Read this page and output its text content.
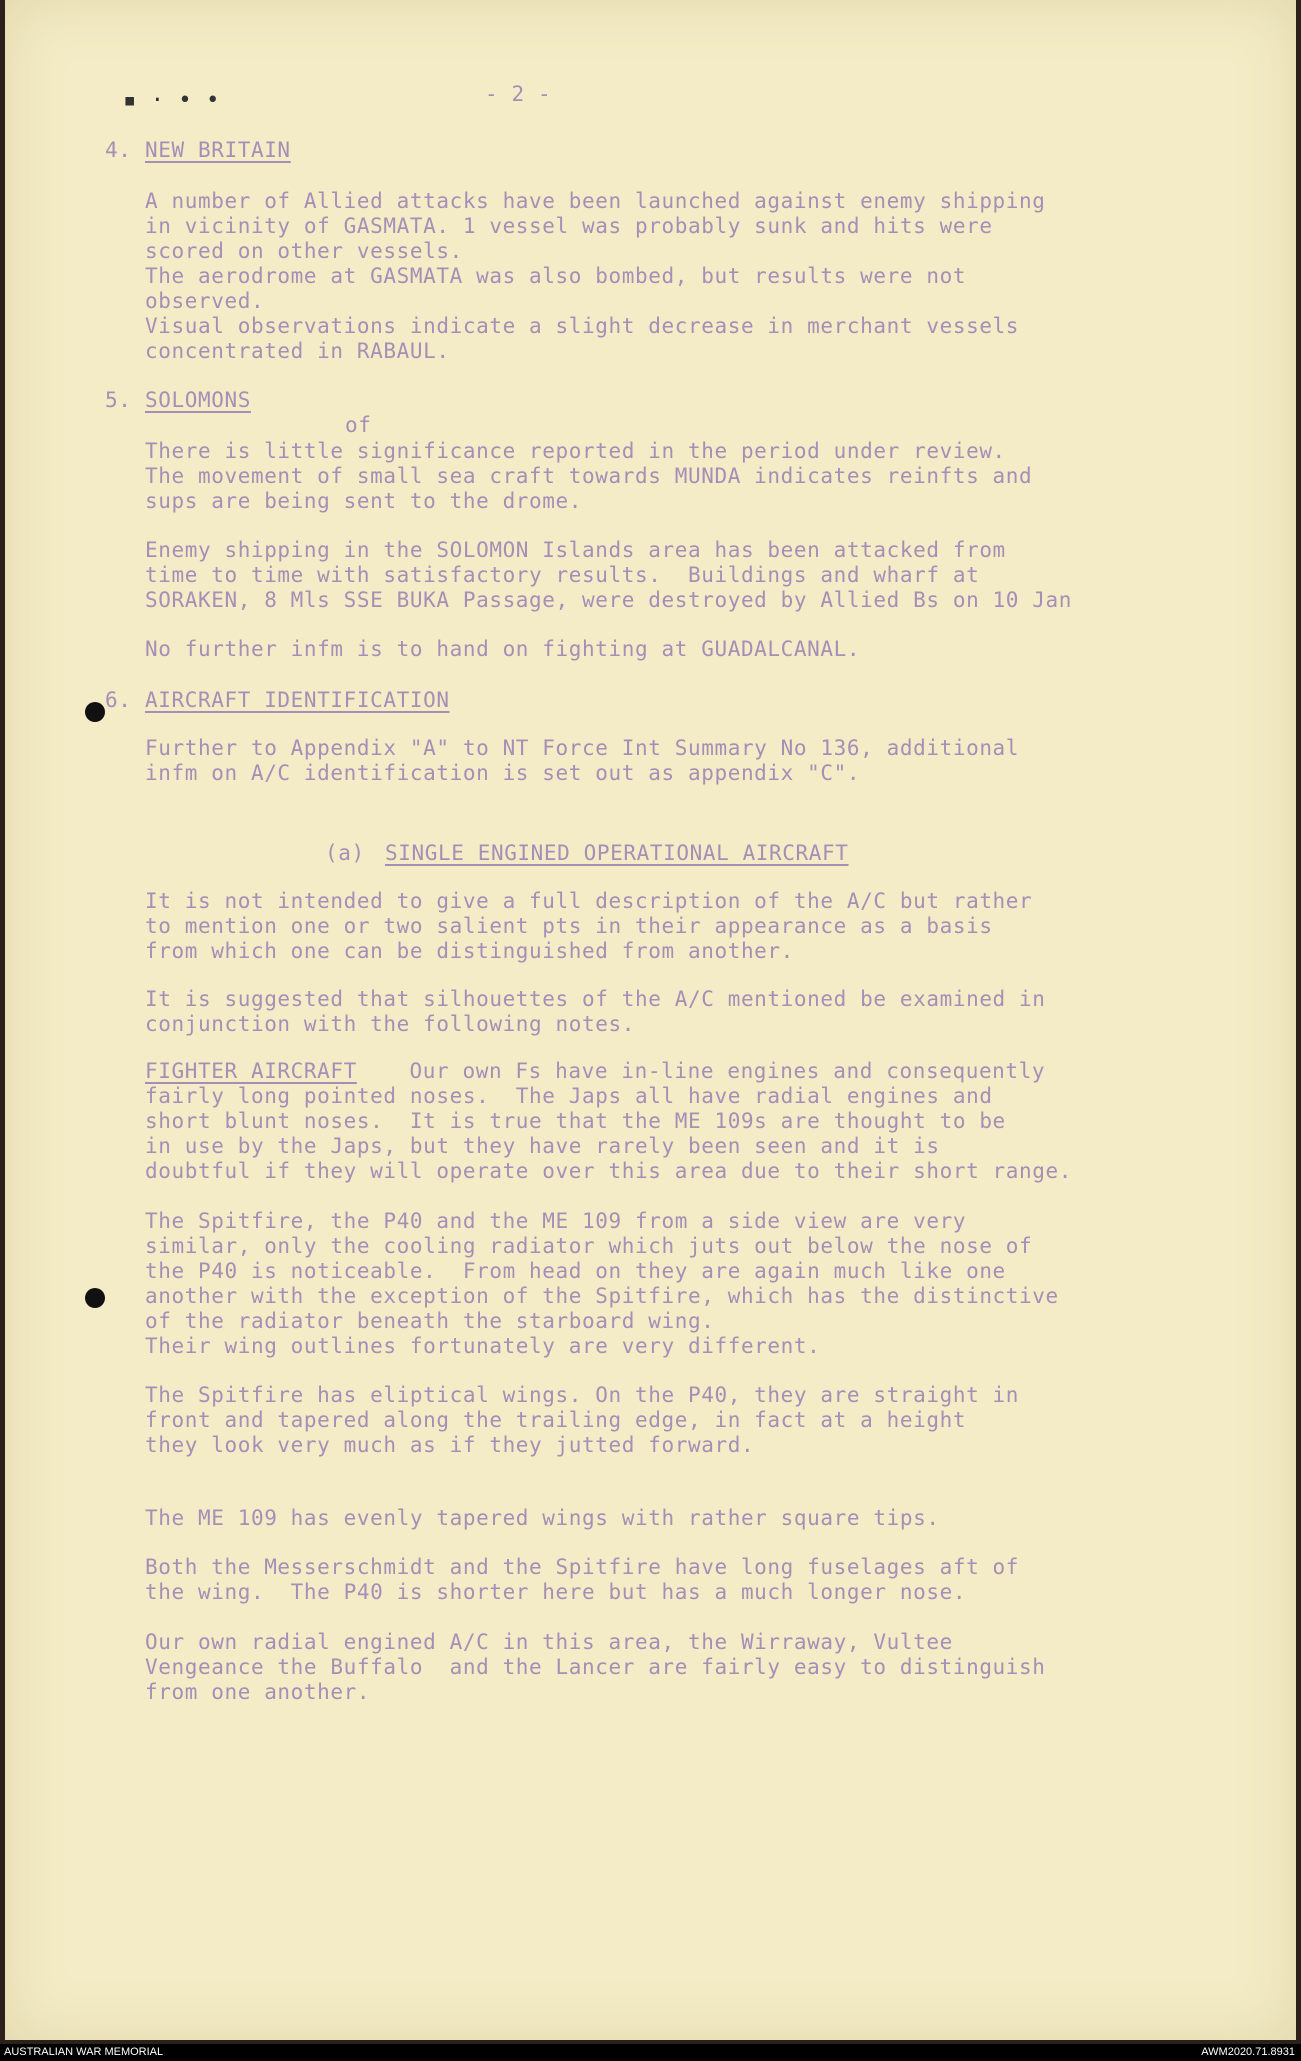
▪ · • •	- 2 -
4. NEW BRITAIN
A number of Allied attacks have been launched against enemy shipping
in vicinity of GASMATA. 1 vessel was probably sunk and hits were
scored on other vessels.
The aerodrome at GASMATA was also bombed, but results were not
observed.
Visual observations indicate a slight decrease in merchant vessels
concentrated in RABAUL.
5. SOLOMONS
of
There is little significance reported in the period under review.
The movement of small sea craft towards MUNDA indicates reinfts and
sups are being sent to the drome.
Enemy shipping in the SOLOMON Islands area has been attacked from
time to time with satisfactory results.  Buildings and wharf at
SORAKEN, 8 Mls SSE BUKA Passage, were destroyed by Allied Bs on 10 Jan
No further infm is to hand on fighting at GUADALCANAL.
6. AIRCRAFT IDENTIFICATION
Further to Appendix "A" to NT Force Int Summary No 136, additional
infm on A/C identification is set out as appendix "C".
(a) SINGLE ENGINED OPERATIONAL AIRCRAFT
It is not intended to give a full description of the A/C but rather
to mention one or two salient pts in their appearance as a basis
from which one can be distinguished from another.
It is suggested that silhouettes of the A/C mentioned be examined in
conjunction with the following notes.
FIGHTER AIRCRAFT Our own Fs have in-line engines and consequently
fairly long pointed noses.  The Japs all have radial engines and
short blunt noses.  It is true that the ME 109s are thought to be
in use by the Japs, but they have rarely been seen and it is
doubtful if they will operate over this area due to their short range.
The Spitfire, the P40 and the ME 109 from a side view are very
similar, only the cooling radiator which juts out below the nose of
the P40 is noticeable.  From head on they are again much like one
another with the exception of the Spitfire, which has the distinctive
of the radiator beneath the starboard wing.
Their wing outlines fortunately are very different.
The Spitfire has eliptical wings. On the P40, they are straight in
front and tapered along the trailing edge, in fact at a height
they look very much as if they jutted forward.
The ME 109 has evenly tapered wings with rather square tips.
Both the Messerschmidt and the Spitfire have long fuselages aft of
the wing.  The P40 is shorter here but has a much longer nose.
Our own radial engined A/C in this area, the Wirraway, Vultee
Vengeance the Buffalo  and the Lancer are fairly easy to distinguish
from one another.
AUSTRALIAN WAR MEMORIAL	AWM2020.71.8931
